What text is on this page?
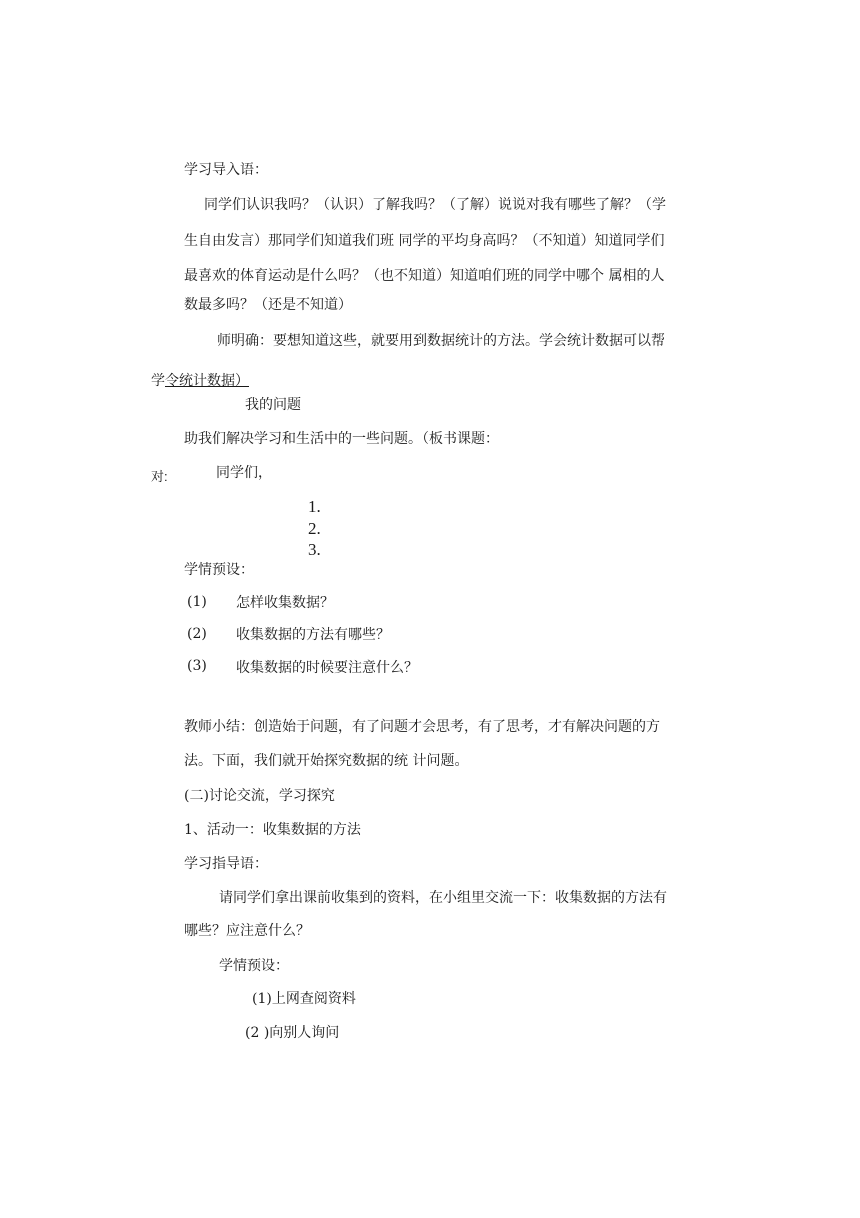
学习导入语：
同学们认识我吗？（认识）了解我吗？（了解）说说对我有哪些了解？（学
生自由发言）那同学们知道我们班 同学的平均身高吗？（不知道）知道同学们
最喜欢的体育运动是什么吗？（也不知道）知道咱们班的同学中哪个 属相的人
数最多吗？（还是不知道）
师明确：要想知道这些，就要用到数据统计的方法。学会统计数据可以帮
学令统计数据）
我的问题
助我们解决学习和生活中的一些问题。（板书课题：
对:	同学们，
1.
2.
3.
学情预设：
(1) 怎样收集数据？
(2) 收集数据的方法有哪些？
(3) 收集数据的时候要注意什么？
教师小结：创造始于问题，有了问题才会思考，有了思考，才有解决问题的方
法。下面，我们就开始探究数据的统 计问题。
(二)讨论交流，学习探究
1、活动一：收集数据的方法
学习指导语：
请同学们拿出课前收集到的资料，在小组里交流一下：收集数据的方法有
哪些？应注意什么？
学情预设：
(1)上网查阅资料
(2 )向别人询问
